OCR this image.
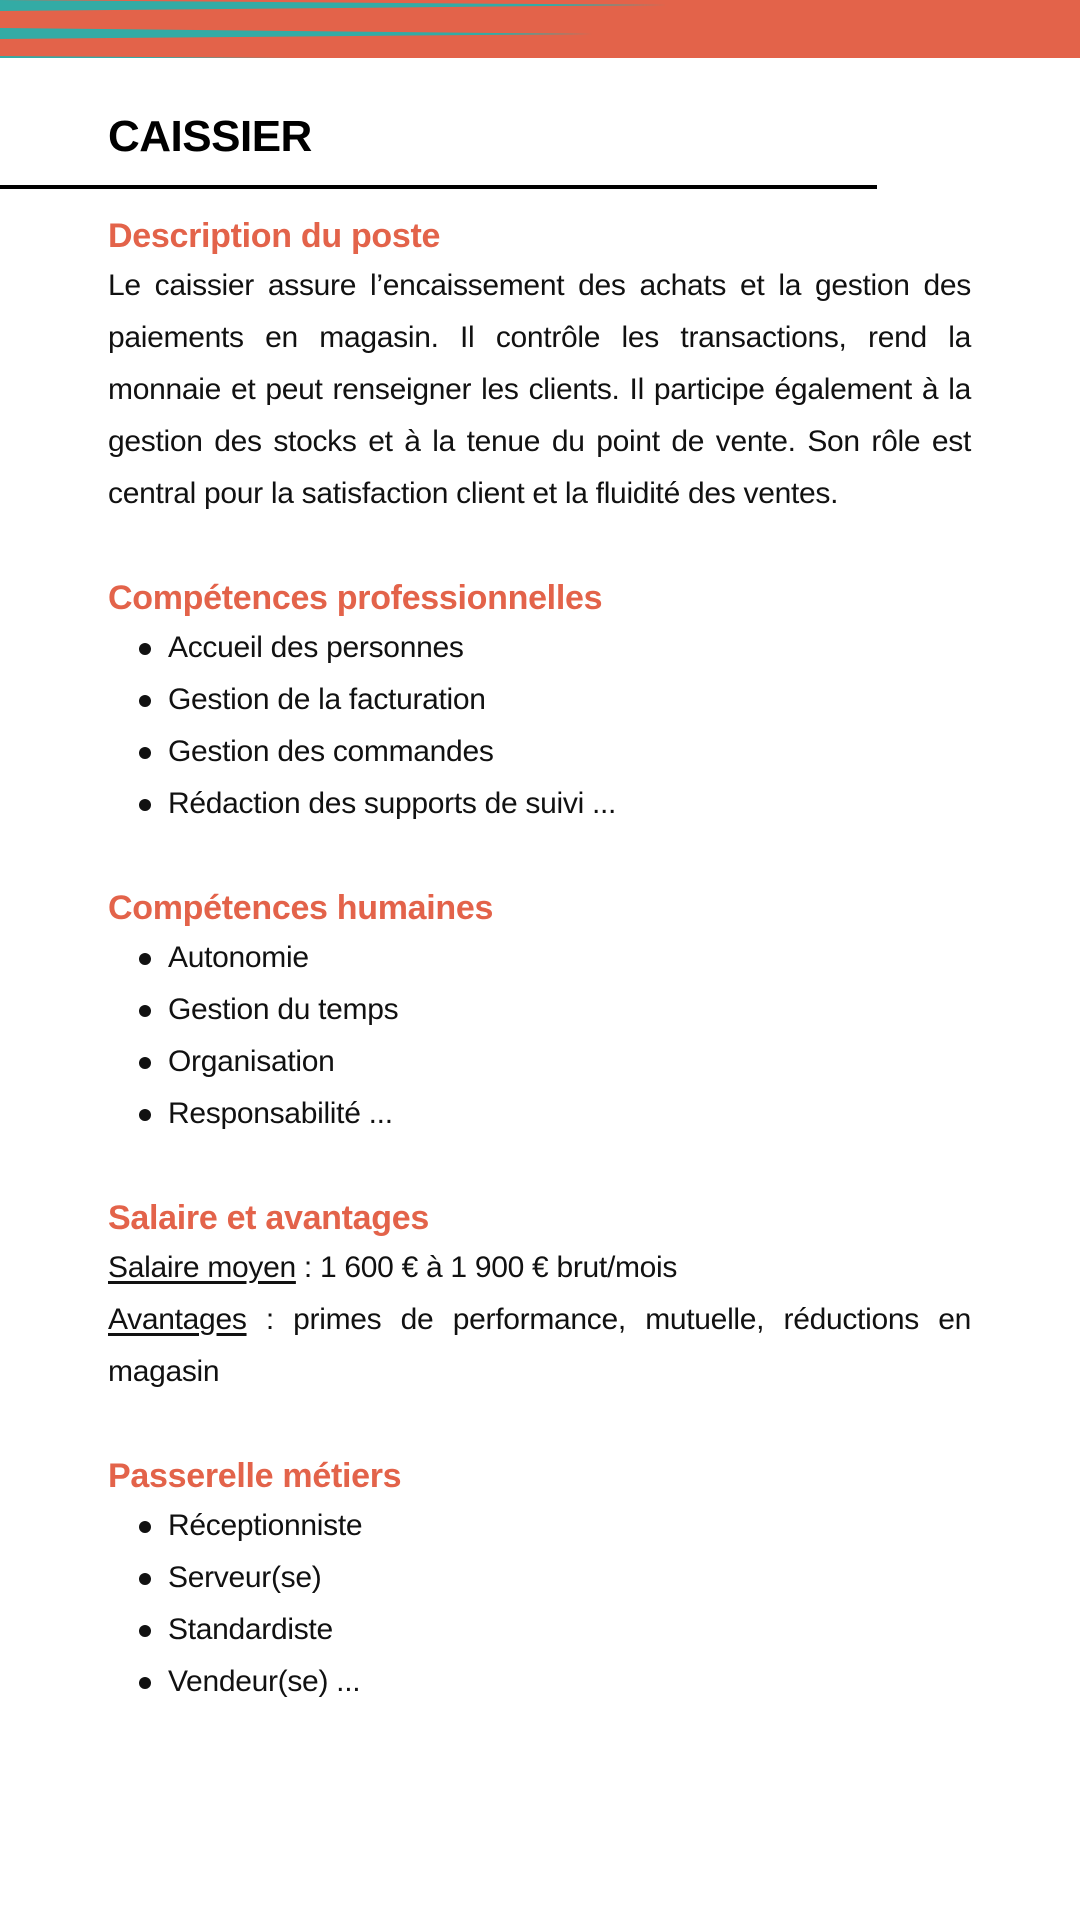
CAISSIER
Description du poste

Le caissier assure l’encaissement des achats et la gestion des paiements en magasin. Il contrôle les transactions, rend la monnaie et peut renseigner les clients. Il participe également à la gestion des stocks et à la tenue du point de vente. Son rôle est central pour la satisfaction client et la fluidité des ventes.

Compétences professionnelles
Accueil des personnes
Gestion de la facturation
Gestion des commandes
Rédaction des supports de suivi ...
Compétences humaines
Autonomie
Gestion du temps
Organisation
Responsabilité ...
Salaire et avantages

Salaire moyen : 1 600 € à 1 900 € brut/mois

Avantages : primes de performance, mutuelle, réductions en magasin

Passerelle métiers
Réceptionniste
Serveur(se)
Standardiste
Vendeur(se) ...
